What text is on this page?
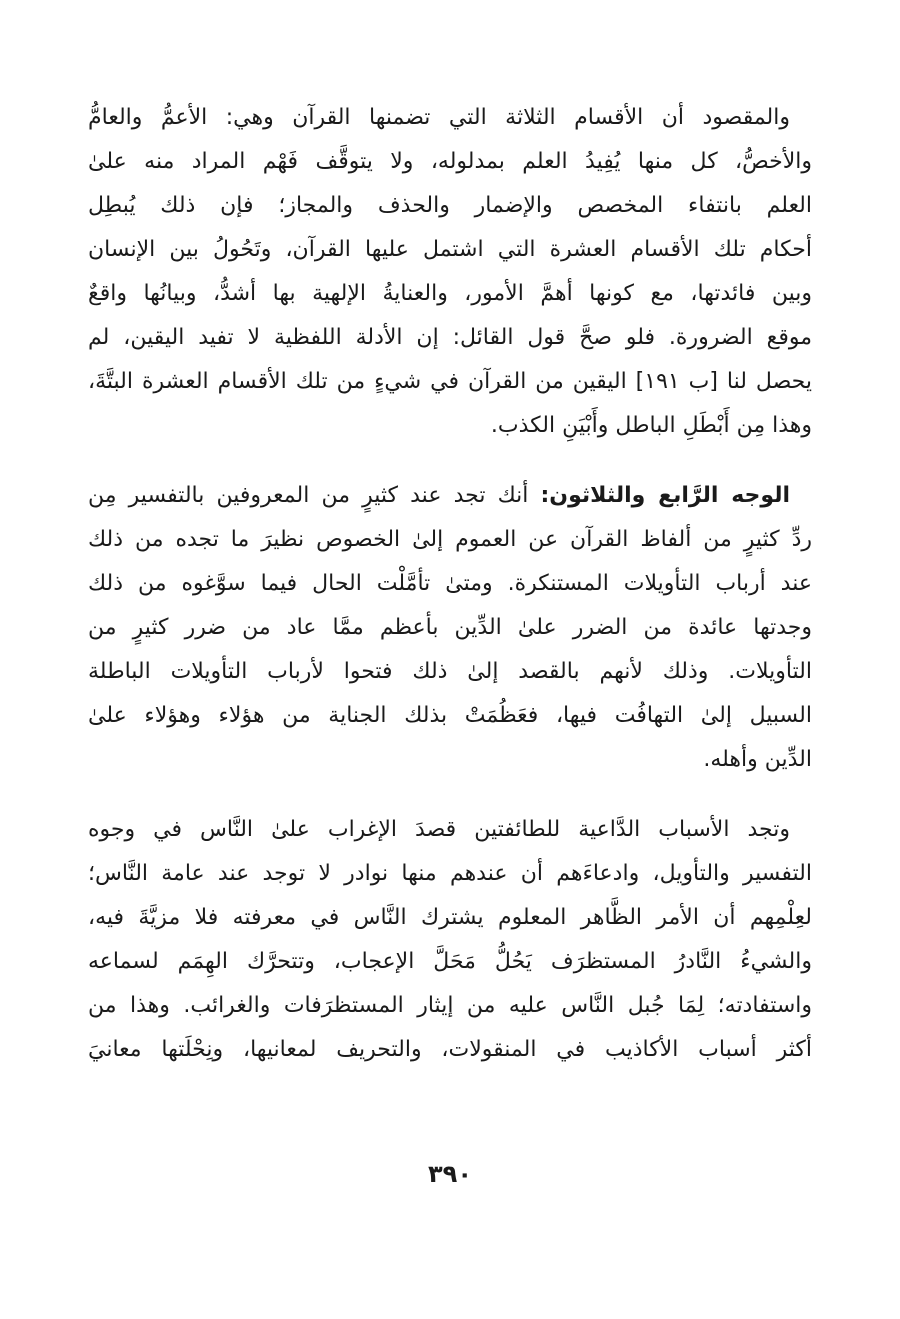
والمقصود أن الأقسام الثلاثة التي تضمنها القرآن وهي: الأعمُّ والعامُّ
والأخصُّ، كل منها يُفِيدُ العلم بمدلوله، ولا يتوقَّف فَهْم المراد منه علىٰ
العلم بانتفاء المخصص والإضمار والحذف والمجاز؛ فإن ذلك يُبطِل
أحكام تلك الأقسام العشرة التي اشتمل عليها القرآن، وتَحُولُ بين الإنسان
وبين فائدتها، مع كونها أهمَّ الأمور، والعنايةُ الإلهية بها أشدُّ، وبيانُها واقعٌ
موقع الضرورة. فلو صحَّ قول القائل: إن الأدلة اللفظية لا تفيد اليقين، لم
يحصل لنا [ب ١٩١] اليقين من القرآن في شيءٍ من تلك الأقسام العشرة البتَّةَ،
وهذا مِن أَبْطَلِ الباطل وأَبْيَنِ الكذب.
الوجه الرَّابع والثلاثون: أنك تجد عند كثيرٍ من المعروفين بالتفسير مِن
ردِّ كثيرٍ من ألفاظ القرآن عن العموم إلىٰ الخصوص نظيرَ ما تجده من ذلك
عند أرباب التأويلات المستنكرة. ومتىٰ تأمَّلْت الحال فيما سوَّغوه من ذلك
وجدتها عائدة من الضرر علىٰ الدِّين بأعظم ممَّا عاد من ضرر كثيرٍ من
التأويلات. وذلك لأنهم بالقصد إلىٰ ذلك فتحوا لأرباب التأويلات الباطلة
السبيل إلىٰ التهافُت فيها، فعَظُمَتْ بذلك الجناية من هؤلاء وهؤلاء علىٰ
الدِّين وأهله.
وتجد الأسباب الدَّاعية للطائفتين قصدَ الإغراب علىٰ النَّاس في وجوه
التفسير والتأويل، وادعاءَهم أن عندهم منها نوادر لا توجد عند عامة النَّاس؛
لعِلْمِهم أن الأمر الظَّاهر المعلوم يشترك النَّاس في معرفته فلا مزيَّةَ فيه،
والشيءُ النَّادرُ المستظرَف يَحُلُّ مَحَلَّ الإعجاب، وتتحرَّك الهِمَم لسماعه
واستفادته؛ لِمَا جُبل النَّاس عليه من إيثار المستظرَفات والغرائب. وهذا من
أكثر أسباب الأكاذيب في المنقولات، والتحريف لمعانيها، ونِحْلَتها معانيَ
٣٩٠
